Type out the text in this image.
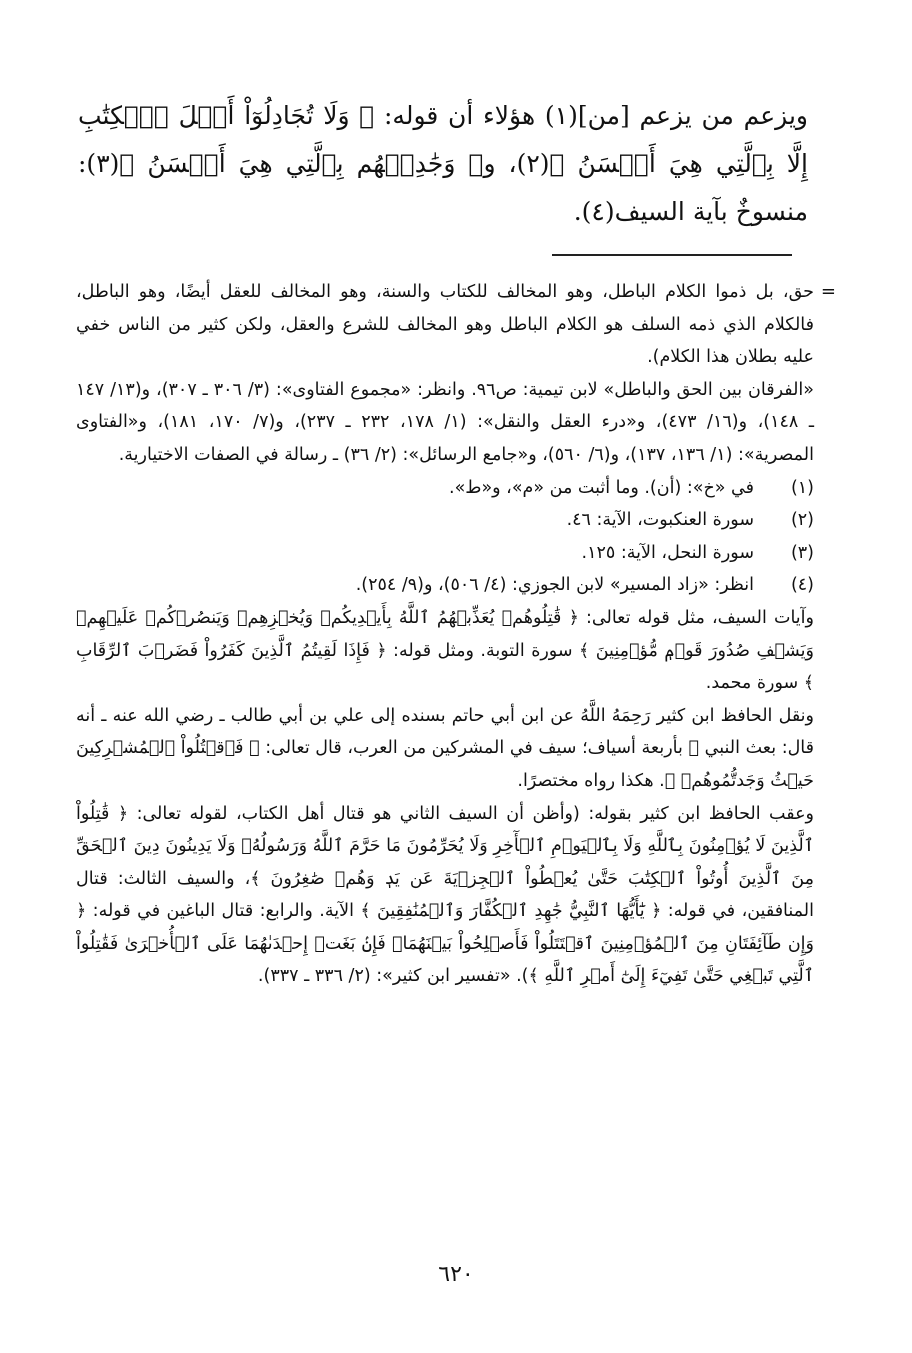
ويزعم من يزعم [من](١) هؤلاء أن قوله: ﴿ وَلَا تُجَادِلُوٓاْ أَهۡلَ ٱلۡكِتَٰبِ إِلَّا بِٱلَّتِي هِيَ أَحۡسَنُ ﴾(٢)، و﴿ وَجَٰدِلۡهُم بِٱلَّتِي هِيَ أَحۡسَنُ ﴾(٣): منسوخٌ بآية السيف(٤).

=

حق، بل ذموا الكلام الباطل، وهو المخالف للكتاب والسنة، وهو المخالف للعقل أيضًا، وهو الباطل، فالكلام الذي ذمه السلف هو الكلام الباطل وهو المخالف للشرع والعقل، ولكن كثير من الناس خفي عليه بطلان هذا الكلام).

«الفرقان بين الحق والباطل» لابن تيمية: ص٩٦. وانظر: «مجموع الفتاوى»: (٣/ ٣٠٦ ـ ٣٠٧)، و(١٣/ ١٤٧ ـ ١٤٨)، و(١٦/ ٤٧٣)، و«درء العقل والنقل»: (١/ ١٧٨، ٢٣٢ ـ ٢٣٧)، و(٧/ ١٧٠، ١٨١)، و«الفتاوى المصرية»: (١/ ١٣٦، ١٣٧)، و(٦/ ٥٦٠)، و«جامع الرسائل»: (٢/ ٣٦) ـ رسالة في الصفات الاختيارية.

(١)
في «خ»: (أن). وما أثبت من «م»، و«ط».
(٢)
سورة العنكبوت، الآية: ٤٦.
(٣)
سورة النحل، الآية: ١٢٥.
(٤)
انظر: «زاد المسير» لابن الجوزي: (٤/ ٥٠٦)، و(٩/ ٢٥٤).

وآيات السيف، مثل قوله تعالى: ﴿ قَٰتِلُوهُمۡ يُعَذِّبۡهُمُ ٱللَّهُ بِأَيۡدِيكُمۡ وَيُخۡزِهِمۡ وَيَنصُرۡكُمۡ عَلَيۡهِمۡ وَيَشۡفِ صُدُورَ قَوۡمٖ مُّؤۡمِنِينَ ﴾ سورة التوبة. ومثل قوله: ﴿ فَإِذَا لَقِيتُمُ ٱلَّذِينَ كَفَرُواْ فَضَرۡبَ ٱلرِّقَابِ ﴾ سورة محمد.

ونقل الحافظ ابن كثير رَحِمَهُ اللَّهُ عن ابن أبي حاتم بسنده إلى علي بن أبي طالب ـ رضي الله عنه ـ أنه قال: بعث النبي ﷺ بأربعة أسياف؛ سيف في المشركين من العرب، قال تعالى: ﴿ فَٱقۡتُلُواْ ٱلۡمُشۡرِكِينَ حَيۡثُ وَجَدتُّمُوهُمۡ ﴾. هكذا رواه مختصرًا.

وعقب الحافظ ابن كثير بقوله: (وأظن أن السيف الثاني هو قتال أهل الكتاب، لقوله تعالى: ﴿ قَٰتِلُواْ ٱلَّذِينَ لَا يُؤۡمِنُونَ بِٱللَّهِ وَلَا بِٱلۡيَوۡمِ ٱلۡأٓخِرِ وَلَا يُحَرِّمُونَ مَا حَرَّمَ ٱللَّهُ وَرَسُولُهُۥ وَلَا يَدِينُونَ دِينَ ٱلۡحَقِّ مِنَ ٱلَّذِينَ أُوتُواْ ٱلۡكِتَٰبَ حَتَّىٰ يُعۡطُواْ ٱلۡجِزۡيَةَ عَن يَدٖ وَهُمۡ صَٰغِرُونَ ﴾، والسيف الثالث: قتال المنافقين، في قوله: ﴿ يَٰٓأَيُّهَا ٱلنَّبِيُّ جَٰهِدِ ٱلۡكُفَّارَ وَٱلۡمُنَٰفِقِينَ ﴾ الآية. والرابع: قتال الباغين في قوله: ﴿ وَإِن طَآئِفَتَانِ مِنَ ٱلۡمُؤۡمِنِينَ ٱقۡتَتَلُواْ فَأَصۡلِحُواْ بَيۡنَهُمَاۖ فَإِنۢ بَغَتۡ إِحۡدَىٰهُمَا عَلَى ٱلۡأُخۡرَىٰ فَقَٰتِلُواْ ٱلَّتِي تَبۡغِي حَتَّىٰ تَفِيٓءَ إِلَىٰٓ أَمۡرِ ٱللَّهِ ﴾). «تفسير ابن كثير»: (٢/ ٣٣٦ ـ ٣٣٧).

٦٢٠
